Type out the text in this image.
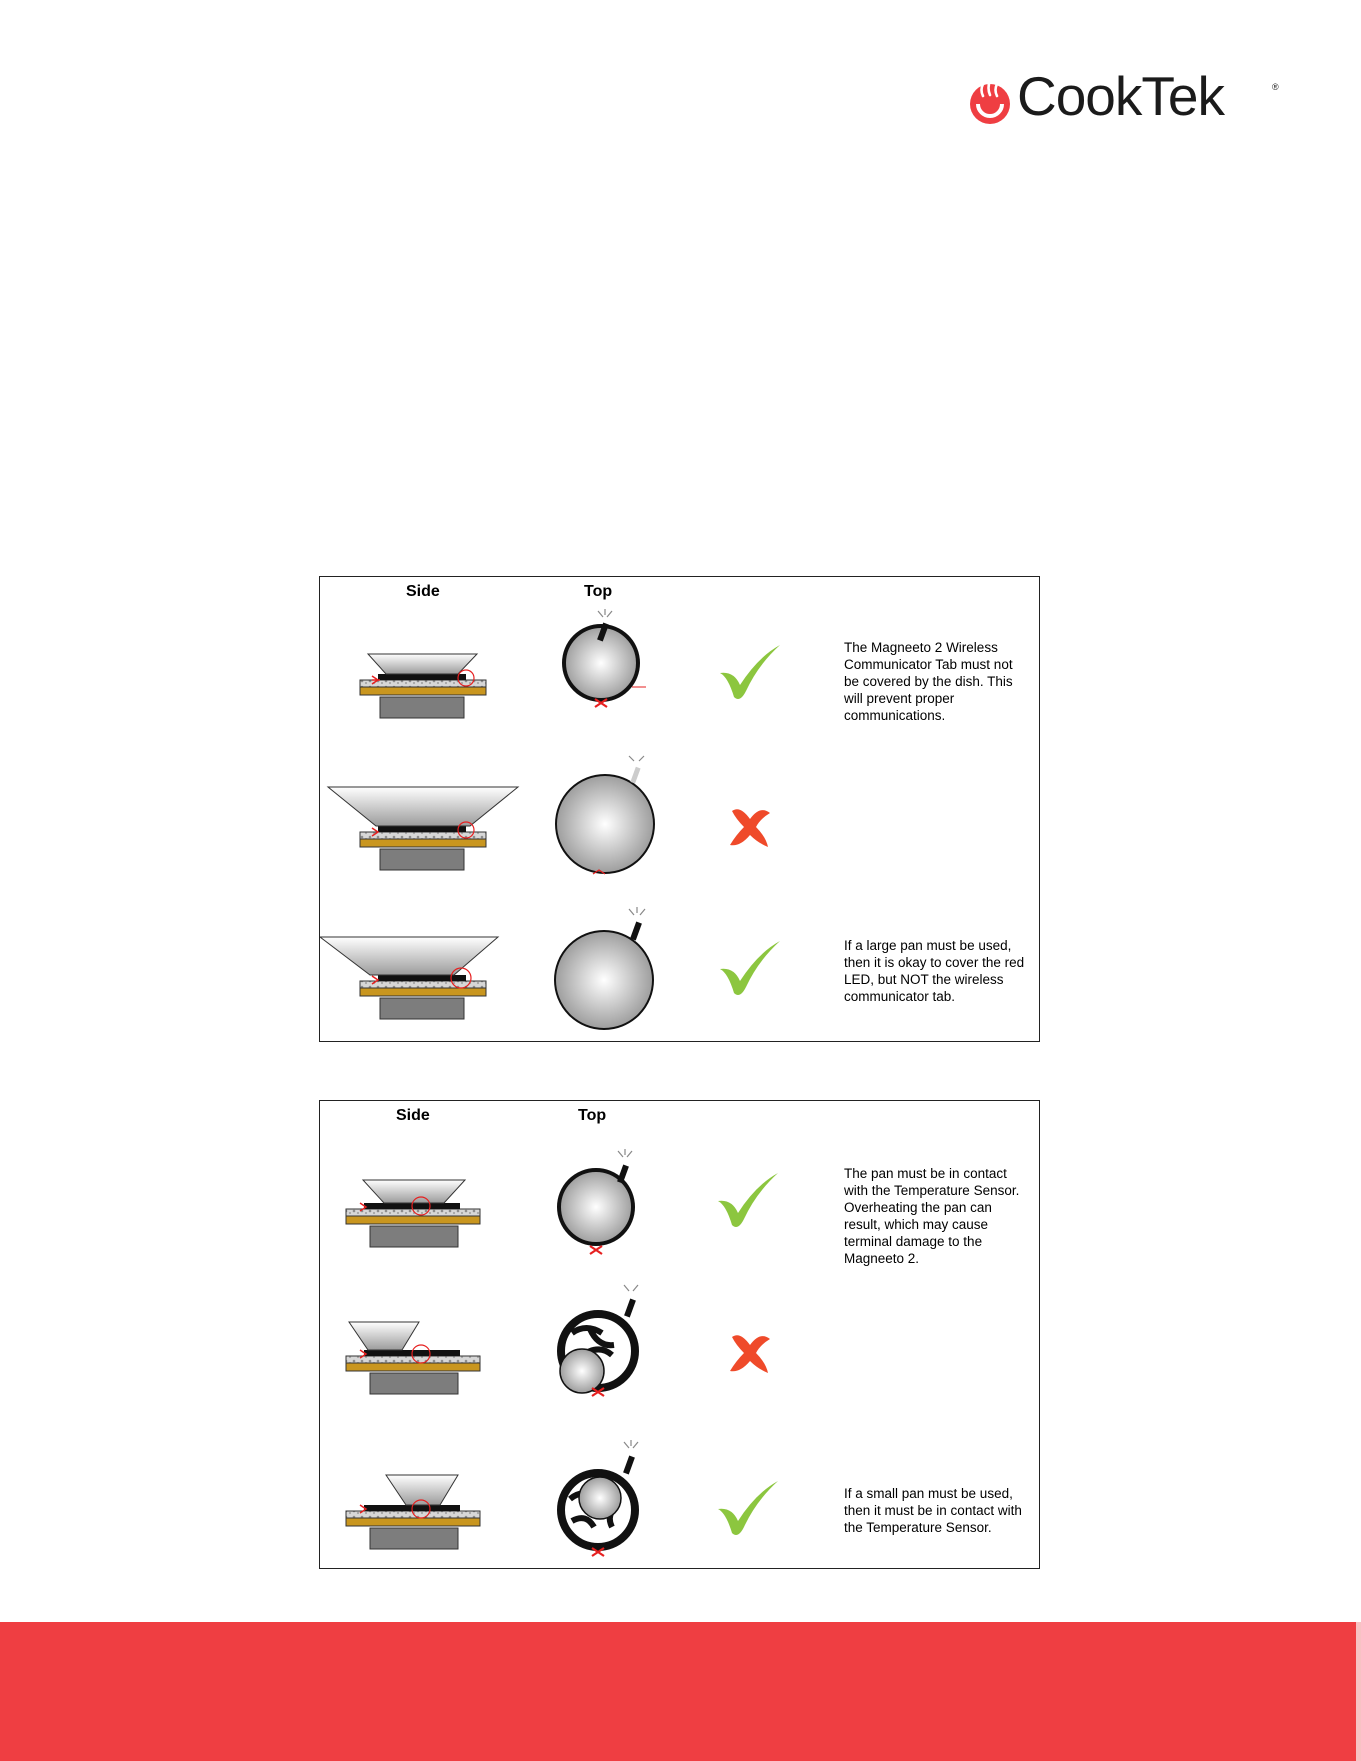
CookTek	®
Side	Top
The Magneeto 2 Wireless
Communicator Tab must not
be covered by the dish. This
will prevent proper
communications.
If a large pan must be used,
then it is okay to cover the red
LED, but NOT the wireless
communicator tab.
Side	Top
The pan must be in contact
with the Temperature Sensor.
Overheating the pan can
result, which may cause
terminal damage to the
Magneeto 2.
If a small pan must be used,
then it must be in contact with
the Temperature Sensor.
